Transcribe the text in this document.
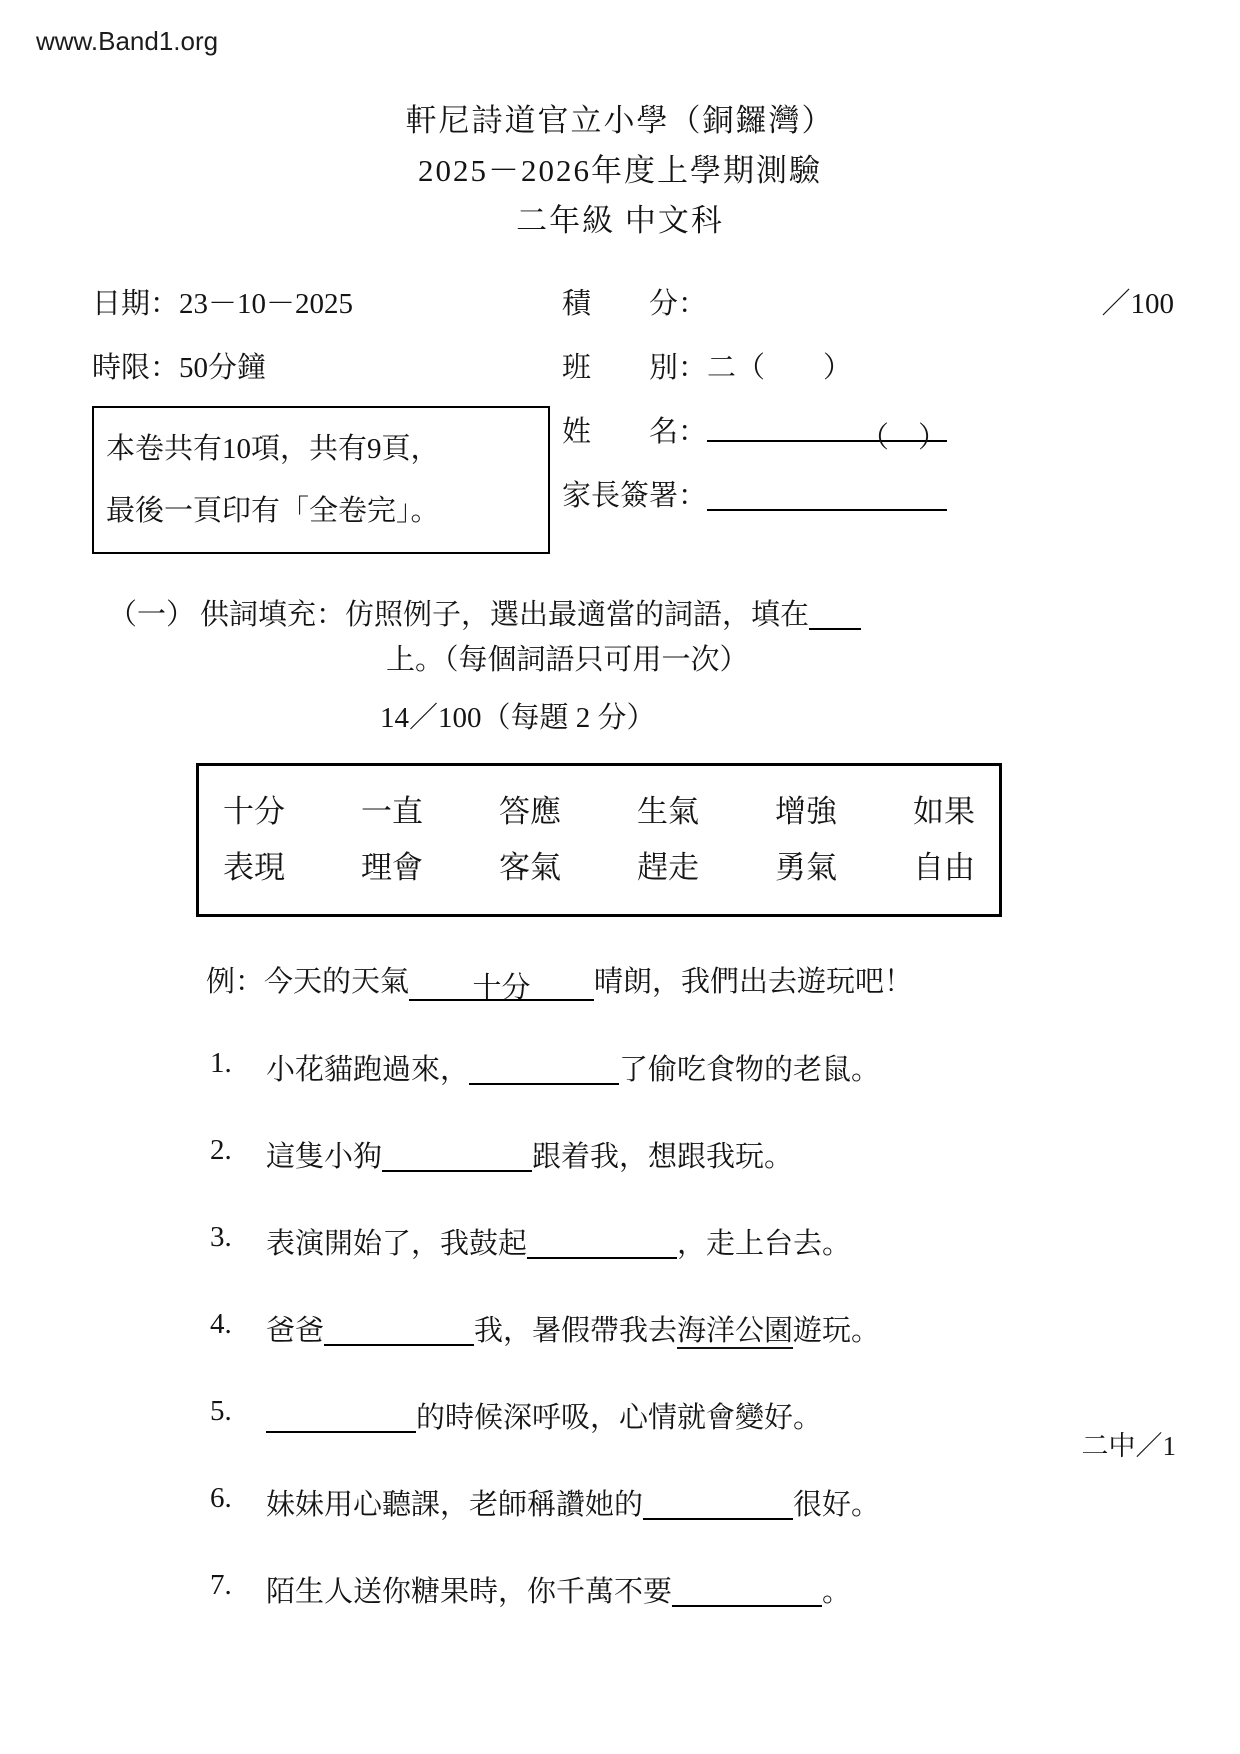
www.Band1.org
軒尼詩道官立小學（銅鑼灣）
2025－2026年度上學期測驗
二年級 中文科
日期：23－10－2025
時限：50分鐘
本卷共有10項，共有9頁，
最後一頁印有「全卷完」。
積　　分：	／100
班　　別：二（　　）
姓　　名：	（　）
家長簽署：
（一） 供詞填充：仿照例子，選出最適當的詞語，填在
上。（每個詞語只可用一次）
14／100（每題 2 分）
十分 一直 答應 生氣 增強 如果
表現 理會 客氣 趕走 勇氣 自由
例：今天的天氣 十分 晴朗，我們出去遊玩吧！
1.	小花貓跑過來，	了偷吃食物的老鼠。
2.	這隻小狗	跟着我，想跟我玩。
3.	表演開始了，我鼓起	，走上台去。
4.	爸爸	我，暑假帶我去海洋公園遊玩。
5.	的時候深呼吸，心情就會變好。
6.	妹妹用心聽課，老師稱讚她的	很好。
7.	陌生人送你糖果時，你千萬不要	。
二中／1
